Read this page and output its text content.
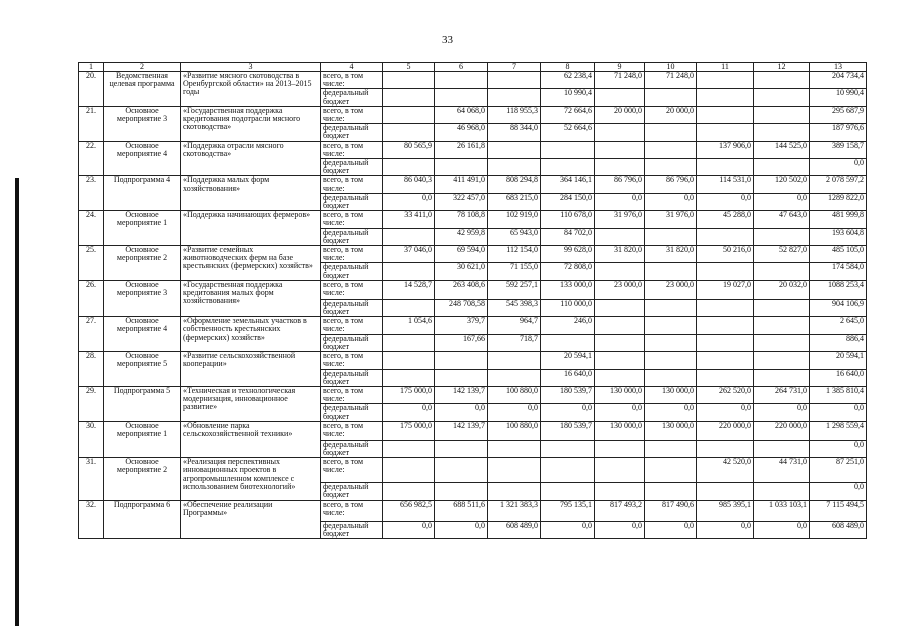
33
1	2	3	4	5	6	7	8	9	10	11	12	13
20.	Ведомственная целевая программа	«Развитие мясного скотоводства в Оренбургской области» на 2013–2015 годы	всего, в том числе:				62 238,4	71 248,0	71 248,0			204 734,4
			федеральный бюджет				10 990,4					10 990,4
21.	Основное мероприятие 3	«Государственная поддержка кредитования подотрасли мясного скотоводства»	всего, в том числе:		64 068,0	118 955,3	72 664,6	20 000,0	20 000,0			295 687,9
			федеральный бюджет		46 968,0	88 344,0	52 664,6					187 976,6
22.	Основное мероприятие 4	«Поддержка отрасли мясного скотоводства»	всего, в том числе:	80 565,9	26 161,8					137 906,0	144 525,0	389 158,7
			федеральный бюджет									0,0
23.	Подпрограмма 4	«Поддержка малых форм хозяйствования»	всего, в том числе:	86 040,3	411 491,0	808 294,8	364 146,1	86 796,0	86 796,0	114 531,0	120 502,0	2 078 597,2
			федеральный бюджет	0,0	322 457,0	683 215,0	284 150,0	0,0	0,0	0,0	0,0	1289 822,0
24.	Основное мероприятие 1	«Поддержка начинающих фермеров»	всего, в том числе:	33 411,0	78 108,8	102 919,0	110 678,0	31 976,0	31 976,0	45 288,0	47 643,0	481 999,8
			федеральный бюджет		42 959,8	65 943,0	84 702,0					193 604,8
25.	Основное мероприятие 2	«Развитие семейных животноводческих ферм на базе крестьянских (фермерских) хозяйств»	всего, в том числе:	37 046,0	69 594,0	112 154,0	99 628,0	31 820,0	31 820,0	50 216,0	52 827,0	485 105,0
			федеральный бюджет		30 621,0	71 155,0	72 808,0					174 584,0
26.	Основное мероприятие 3	«Государственная поддержка кредитования малых форм хозяйствования»	всего, в том числе:	14 528,7	263 408,6	592 257,1	133 000,0	23 000,0	23 000,0	19 027,0	20 032,0	1088 253,4
			федеральный бюджет		248 708,58	545 398,3	110 000,0					904 106,9
27.	Основное мероприятие 4	«Оформление земельных участков в собственность крестьянских (фермерских) хозяйств»	всего, в том числе:	1 054,6	379,7	964,7	246,0					2 645,0
			федеральный бюджет		167,66	718,7						886,4
28.	Основное мероприятие 5	«Развитие сельскохозяйственной кооперации»	всего, в том числе:				20 594,1					20 594,1
			федеральный бюджет				16 640,0					16 640,0
29.	Подпрограмма 5	«Техническая и технологическая модернизация, инновационное развитие»	всего, в том числе:	175 000,0	142 139,7	100 880,0	180 539,7	130 000,0	130 000,0	262 520,0	264 731,0	1 385 810,4
			федеральный бюджет	0,0	0,0	0,0	0,0	0,0	0,0	0,0	0,0	0,0
30.	Основное мероприятие 1	«Обновление парка сельскохозяйственной техники»	всего, в том числе:	175 000,0	142 139,7	100 880,0	180 539,7	130 000,0	130 000,0	220 000,0	220 000,0	1 298 559,4
			федеральный бюджет									0,0
31.	Основное мероприятие 2	«Реализация перспективных инновационных проектов в агропромышленном комплексе с использованием биотехнологий»	всего, в том числе:							42 520,0	44 731,0	87 251,0
			федеральный бюджет									0,0
32.	Подпрограмма 6	«Обеспечение реализации Программы»	всего, в том числе:	656 982,5	688 511,6	1 321 383,3	795 135,1	817 493,2	817 490,6	985 395,1	1 033 103,1	7 115 494,5
			федеральный бюджет	0,0	0,0	608 489,0	0,0	0,0	0,0	0,0	0,0	608 489,0
